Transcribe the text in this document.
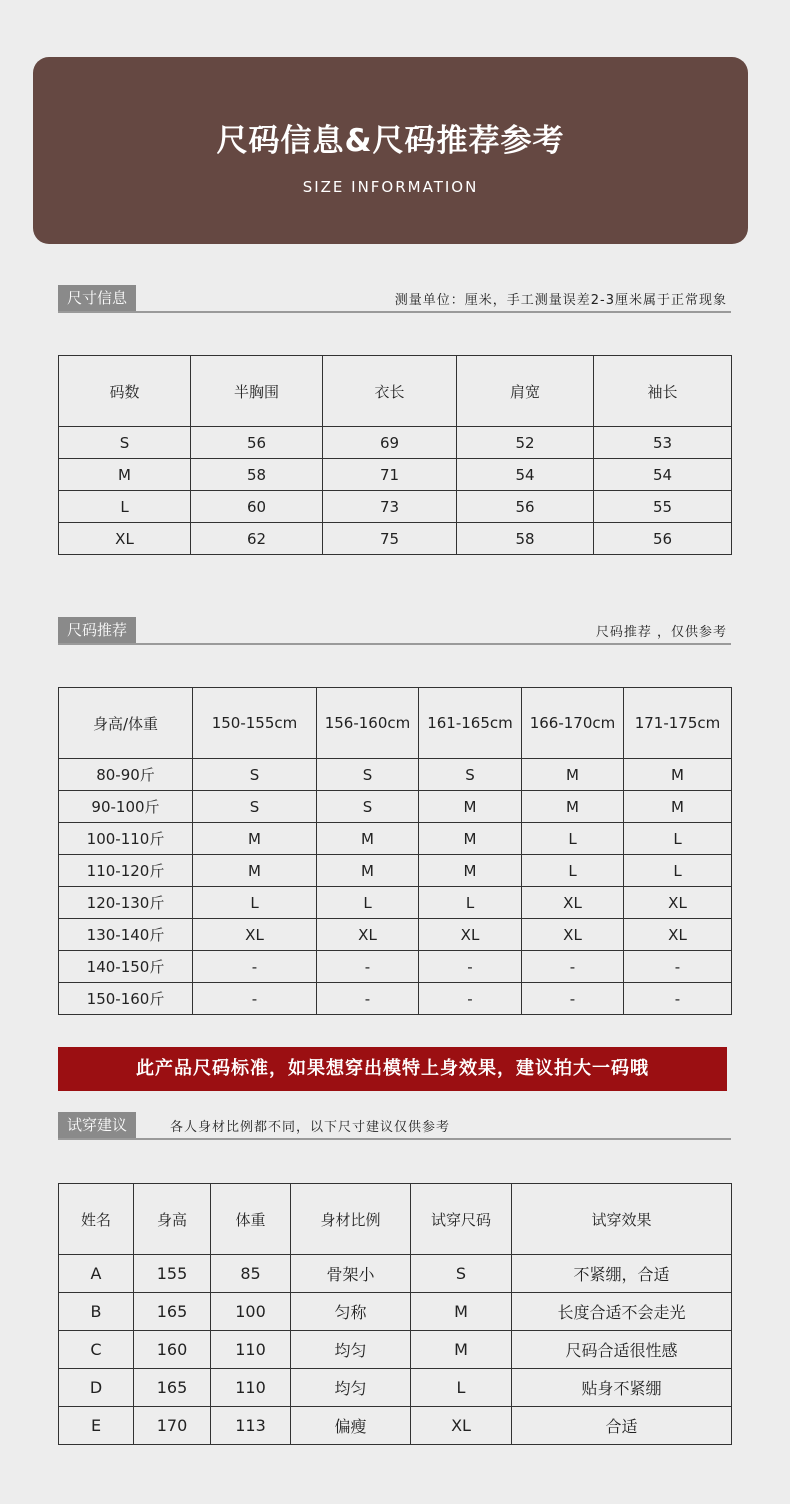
尺码信息&尺码推荐参考
SIZE INFORMATION
尺寸信息	测量单位：厘米，手工测量误差2-3厘米属于正常现象
码数	半胸围	衣长	肩宽	袖长
S	56	69	52	53
M	58	71	54	54
L	60	73	56	55
XL	62	75	58	56
尺码推荐	尺码推荐 ，仅供参考
身高/体重	150-155cm	156-160cm	161-165cm	166-170cm	171-175cm
80-90斤	S	S	S	M	M
90-100斤	S	S	M	M	M
100-110斤	M	M	M	L	L
110-120斤	M	M	M	L	L
120-130斤	L	L	L	XL	XL
130-140斤	XL	XL	XL	XL	XL
140-150斤	-	-	-	-	-
150-160斤	-	-	-	-	-
此产品尺码标准，如果想穿出模特上身效果，建议拍大一码哦
试穿建议	各人身材比例都不同，以下尺寸建议仅供参考
姓名	身高	体重	身材比例	试穿尺码	试穿效果
A	155	85	骨架小	S	不紧绷，合适
B	165	100	匀称	M	长度合适不会走光
C	160	110	均匀	M	尺码合适很性感
D	165	110	均匀	L	贴身不紧绷
E	170	113	偏瘦	XL	合适
